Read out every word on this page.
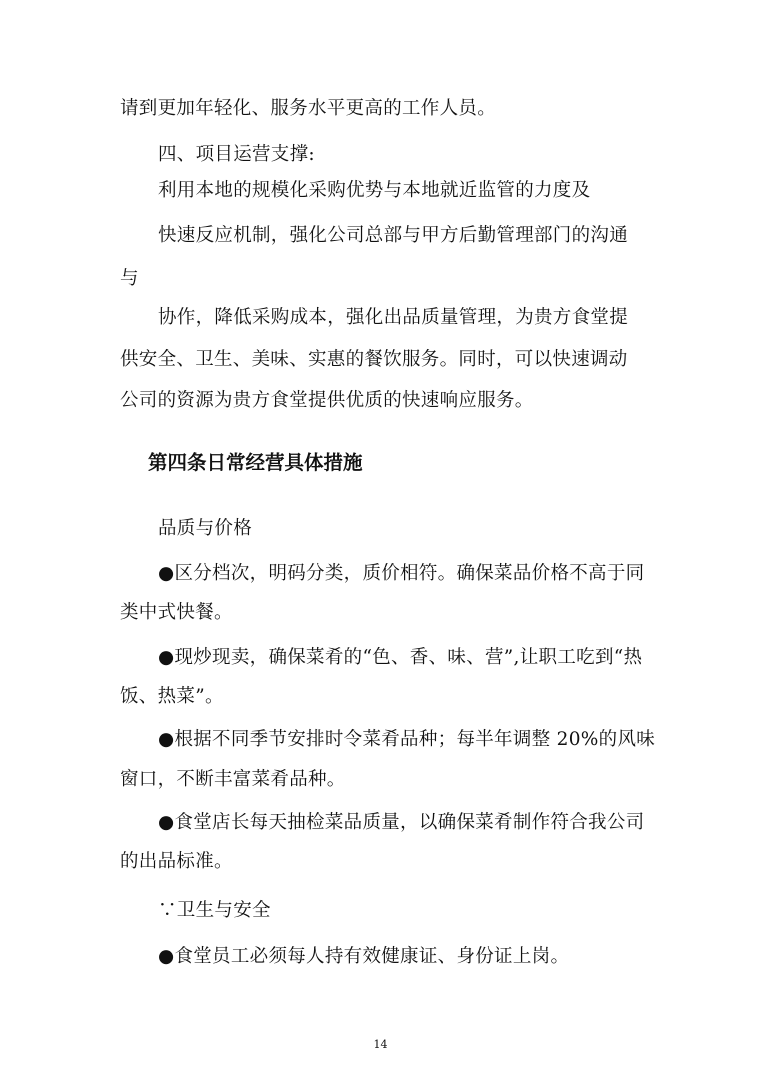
请到更加年轻化、服务水平更高的工作人员。
四、项目运营支撑:
利用本地的规模化采购优势与本地就近监管的力度及
快速反应机制，强化公司总部与甲方后勤管理部门的沟通
与
协作，降低采购成本，强化出品质量管理，为贵方食堂提
供安全、卫生、美味、实惠的餐饮服务。同时，可以快速调动
公司的资源为贵方食堂提供优质的快速响应服务。
第四条日常经营具体措施
品质与价格
●区分档次，明码分类，质价相符。确保菜品价格不高于同
类中式快餐。
●现炒现卖，确保菜肴的“色、香、味、营”,让职工吃到“热
饭、热菜”。
●根据不同季节安排时令菜肴品种；每半年调整 20%的风味
窗口，不断丰富菜肴品种。
●食堂店长每天抽检菜品质量，以确保菜肴制作符合我公司
的出品标准。
∵卫生与安全
●食堂员工必须每人持有效健康证、身份证上岗。
14
